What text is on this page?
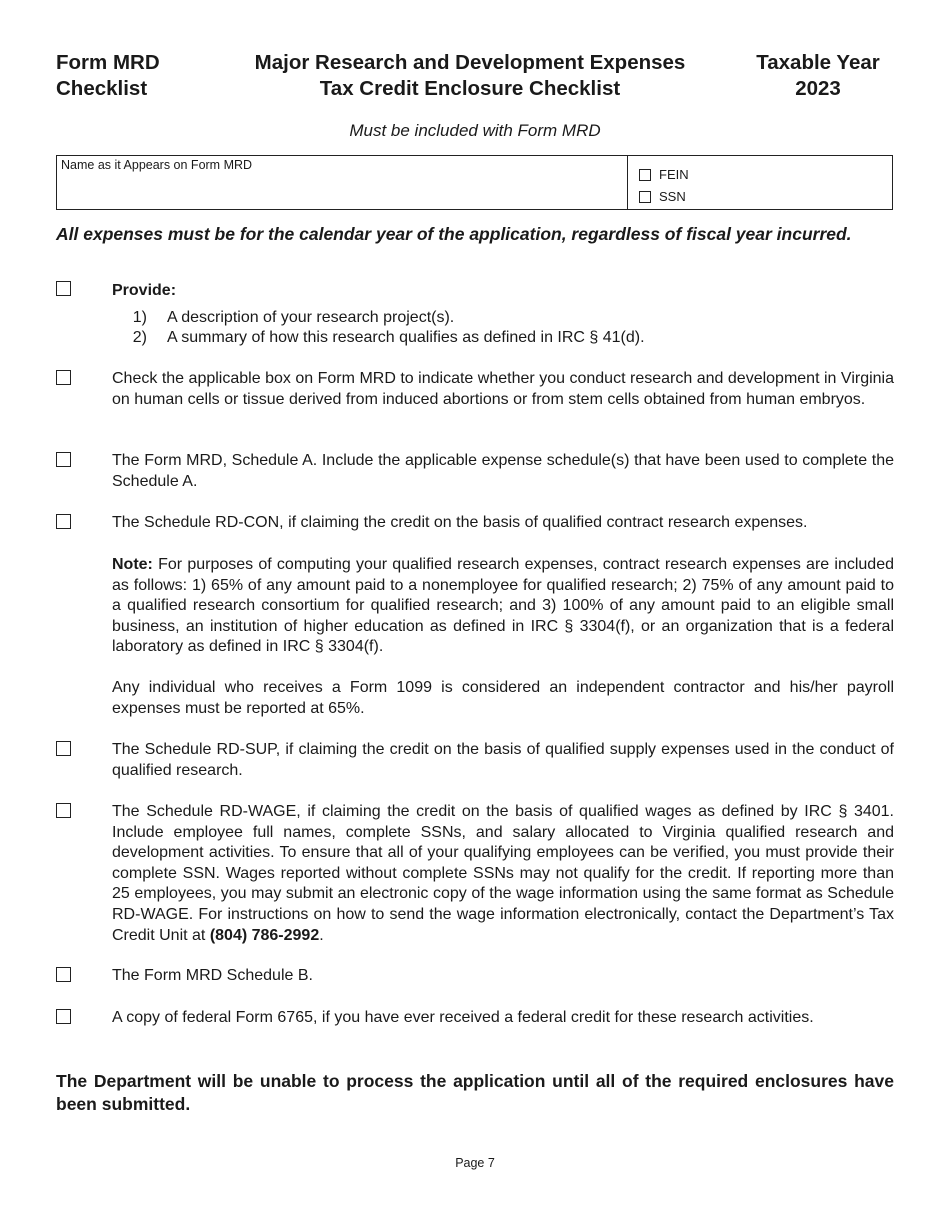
Form MRD
Checklist
Major Research and Development Expenses
Tax Credit Enclosure Checklist
Taxable Year
2023
Must be included with Form MRD
Name as it Appears on Form MRD
FEIN
SSN
All expenses must be for the calendar year of the application, regardless of fiscal year incurred.
Provide:
1)	A description of your research project(s).
2)	A summary of how this research qualifies as defined in IRC § 41(d).
Check the applicable box on Form MRD to indicate whether you conduct research and development in Virginia on human cells or tissue derived from induced abortions or from stem cells obtained from human embryos.
The Form MRD, Schedule A. Include the applicable expense schedule(s) that have been used to complete the Schedule A.
The Schedule RD-CON, if claiming the credit on the basis of qualified contract research expenses.
Note: For purposes of computing your qualified research expenses, contract research expenses are included as follows: 1) 65% of any amount paid to a nonemployee for qualified research; 2) 75% of any amount paid to a qualified research consortium for qualified research; and 3) 100% of any amount paid to an eligible small business, an institution of higher education as defined in IRC § 3304(f), or an organization that is a federal laboratory as defined in IRC § 3304(f).
Any individual who receives a Form 1099 is considered an independent contractor and his/her payroll expenses must be reported at 65%.
The Schedule RD-SUP, if claiming the credit on the basis of qualified supply expenses used in the conduct of qualified research.
The Schedule RD-WAGE, if claiming the credit on the basis of qualified wages as defined by IRC § 3401. Include employee full names, complete SSNs, and salary allocated to Virginia qualified research and development activities. To ensure that all of your qualifying employees can be verified, you must provide their complete SSN. Wages reported without complete SSNs may not qualify for the credit. If reporting more than 25 employees, you may submit an electronic copy of the wage information using the same format as Schedule RD-WAGE. For instructions on how to send the wage information electronically, contact the Department’s Tax Credit Unit at (804) 786-2992.
The Form MRD Schedule B.
A copy of federal Form 6765, if you have ever received a federal credit for these research activities.
The Department will be unable to process the application until all of the required enclosures have been submitted.
Page 7
